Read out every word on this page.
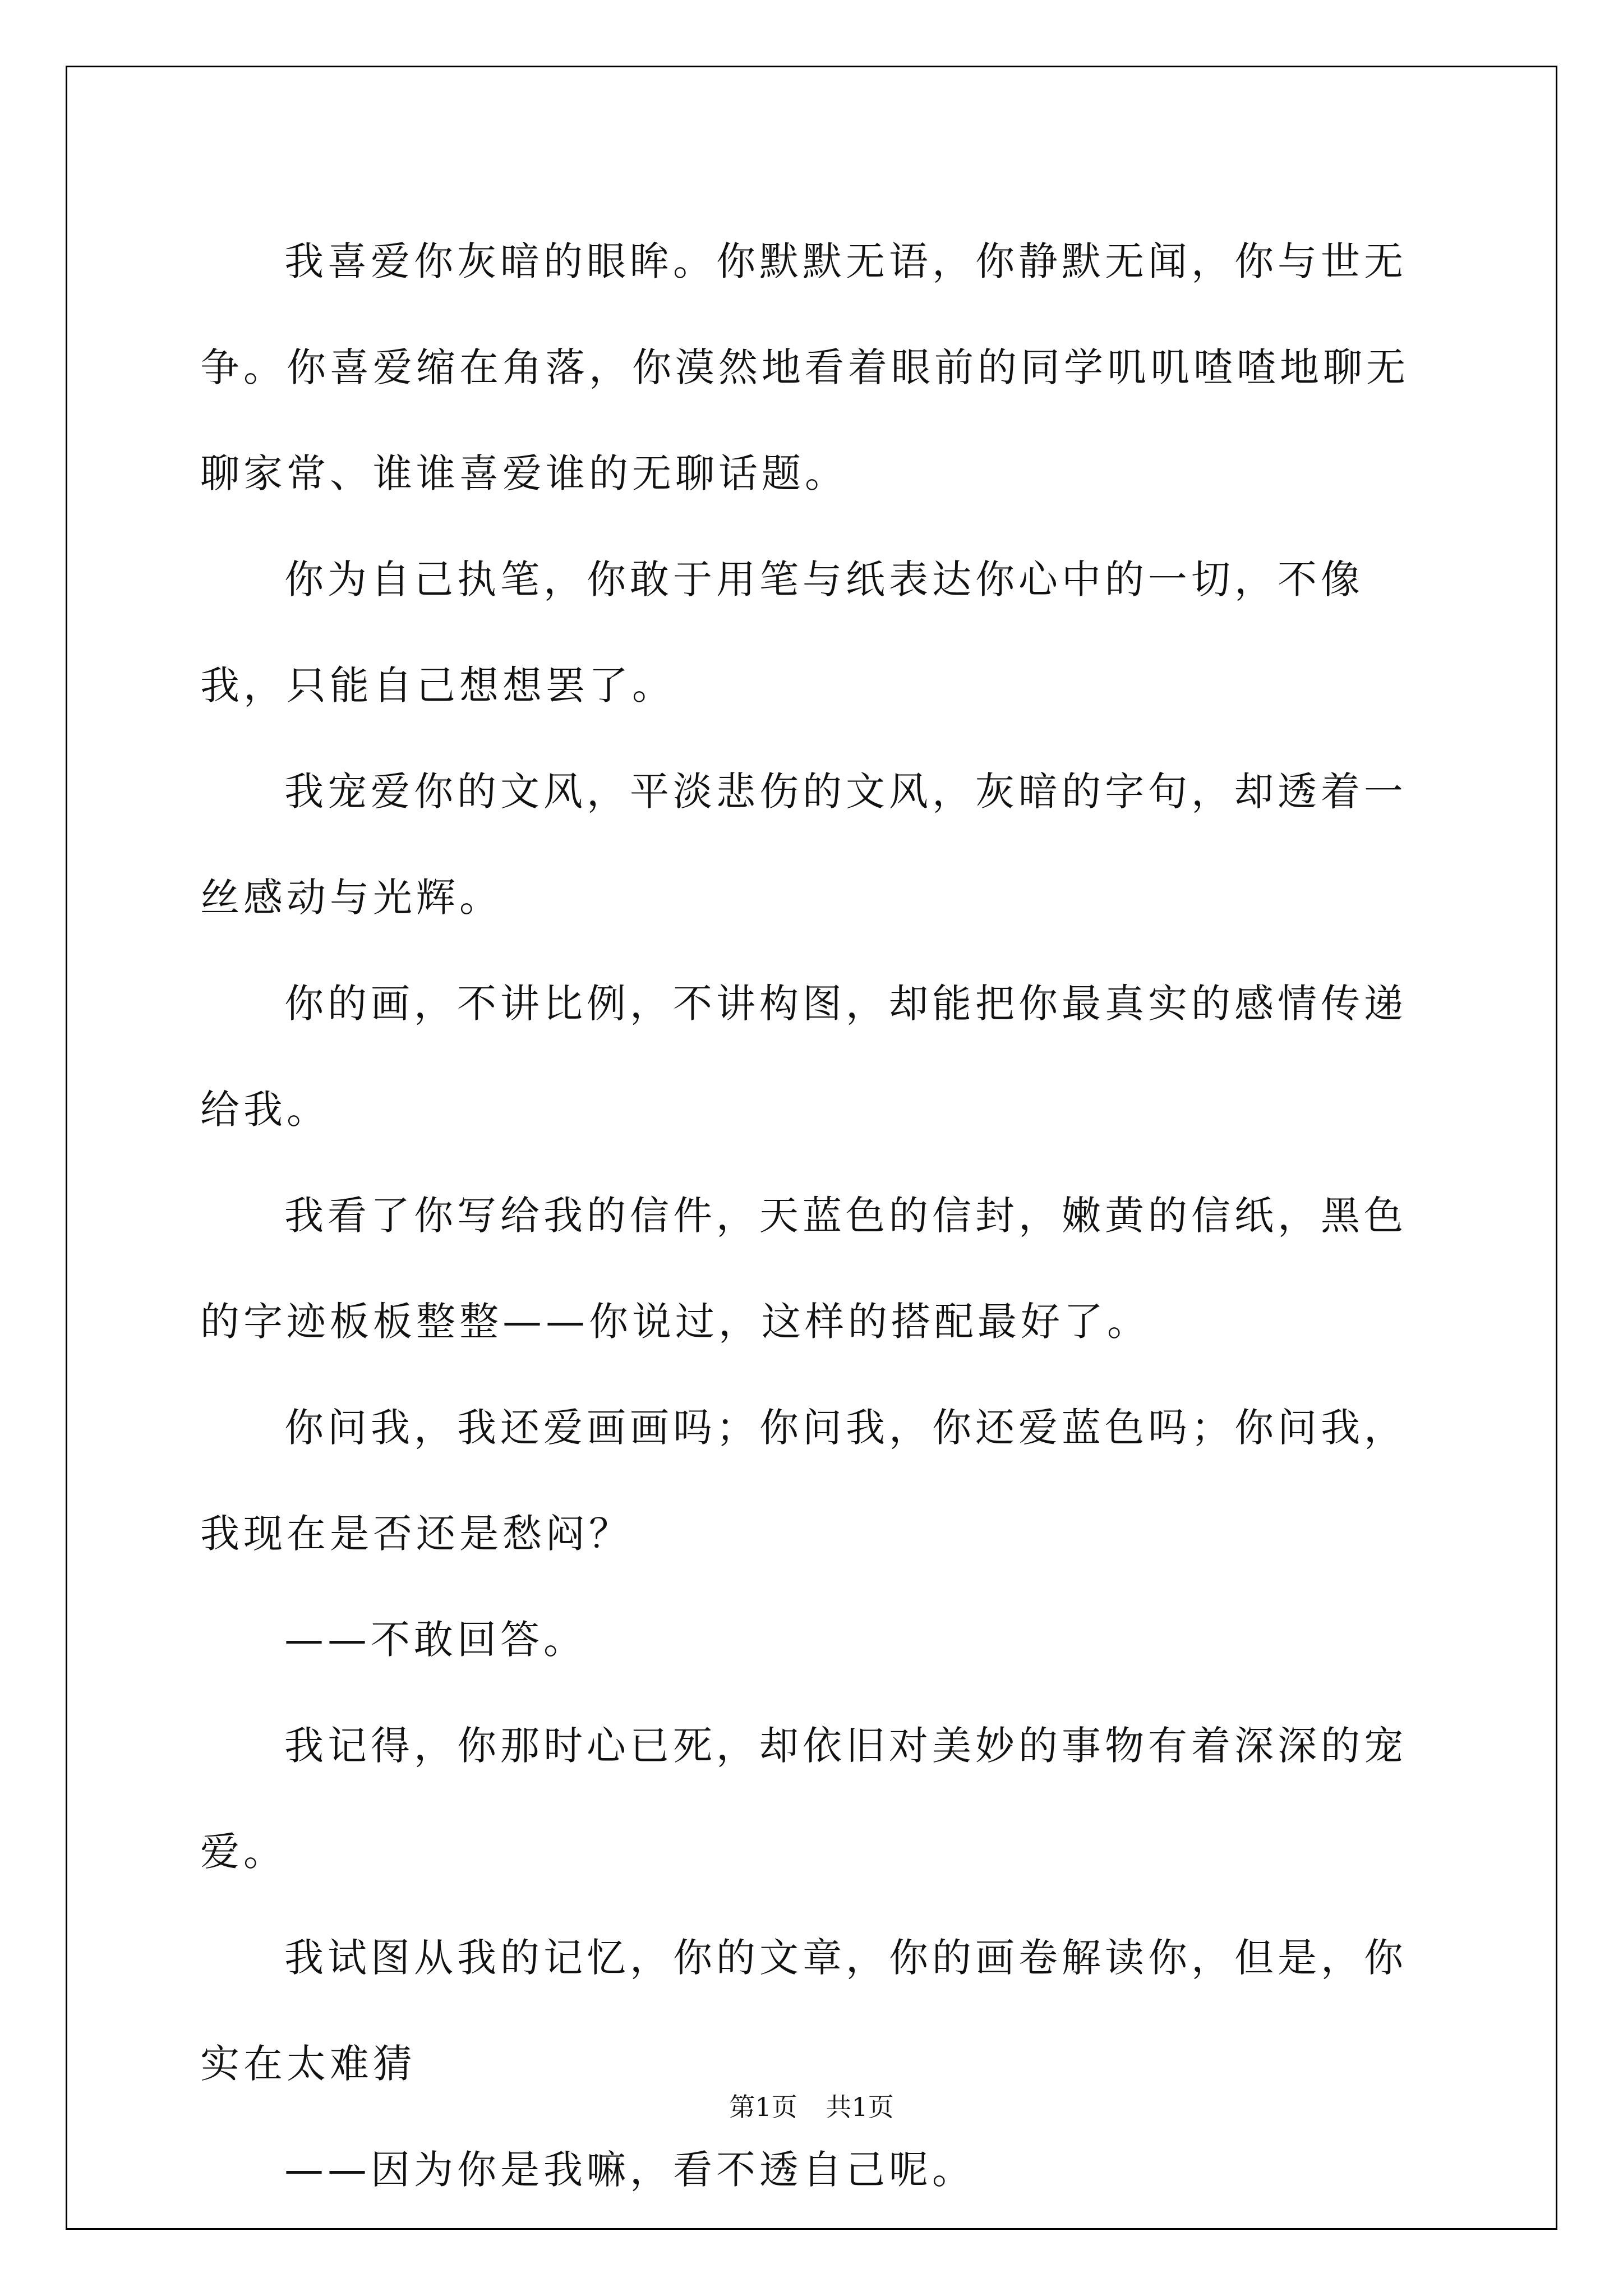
我喜爱你灰暗的眼眸。你默默无语，你静默无闻，你与世无争。你喜爱缩在角落，你漠然地看着眼前的同学叽叽喳喳地聊无聊家常、谁谁喜爱谁的无聊话题。

你为自己执笔，你敢于用笔与纸表达你心中的一切，不像我，只能自己想想罢了。

我宠爱你的文风，平淡悲伤的文风，灰暗的字句，却透着一丝感动与光辉。

你的画，不讲比例，不讲构图，却能把你最真实的感情传递给我。

我看了你写给我的信件，天蓝色的信封，嫩黄的信纸，黑色的字迹板板整整——你说过，这样的搭配最好了。

你问我，我还爱画画吗；你问我，你还爱蓝色吗；你问我，我现在是否还是愁闷？

——不敢回答。

我记得，你那时心已死，却依旧对美妙的事物有着深深的宠爱。

我试图从我的记忆，你的文章，你的画卷解读你，但是，你实在太难猜

——因为你是我嘛，看不透自己呢。

第1页 共1页
